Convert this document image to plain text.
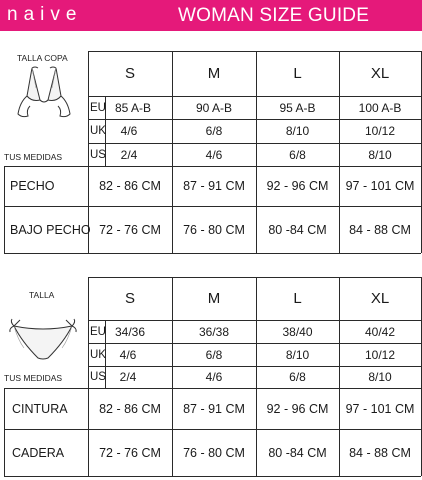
naive	WOMAN SIZE GUIDE
TALLA COPA
TUS MEDIDAS
S	M	L	XL
EU 85 A-B	90 A-B	95 A-B	100 A-B
UK	4/6	6/8	8/10	10/12
US	2/4	4/6	6/8	8/10
PECHO	82 - 86 CM	87 - 91 CM	92 - 96 CM	97 - 101 CM
BAJO PECHO 72 - 76 CM	76 - 80 CM	80 -84 CM	84 - 88 CM
TALLA
TUS MEDIDAS
S	M	L	XL
EU 34/36	36/38	38/40	40/42
UK	4/6	6/8	8/10	10/12
US	2/4	4/6	6/8	8/10
CINTURA	82 - 86 CM	87 - 91 CM	92 - 96 CM	97 - 101 CM
CADERA	72 - 76 CM	76 - 80 CM	80 -84 CM	84 - 88 CM
